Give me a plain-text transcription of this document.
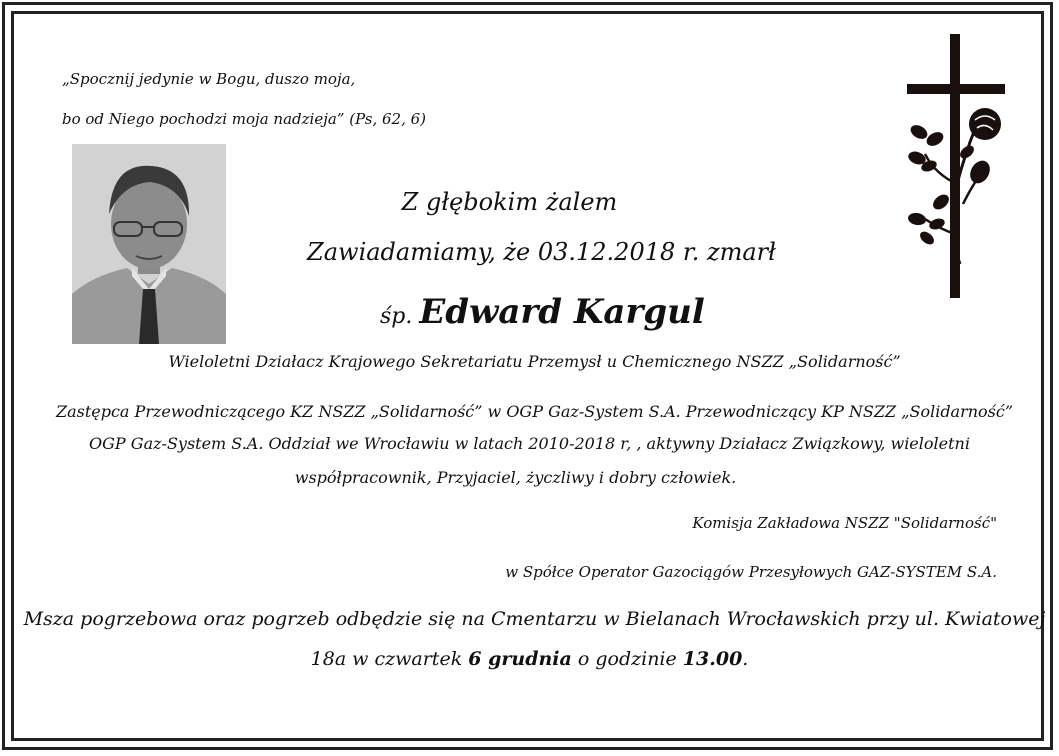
„Spocznij jedynie w Bogu, duszo moja,
bo od Niego pochodzi moja nadzieja” (Ps, 62, 6)
Z głębokim żalem
Zawiadamiamy, że 03.12.2018 r. zmarł
śp. Edward Kargul
Wieloletni Działacz Krajowego Sekretariatu Przemysł u Chemicznego NSZZ „Solidarność”
Zastępca Przewodniczącego KZ NSZZ „Solidarność” w OGP Gaz-System S.A. Przewodniczący KP NSZZ „Solidarność”
OGP Gaz-System S.A. Oddział we Wrocławiu w latach 2010-2018 r, , aktywny Działacz Związkowy, wieloletni
współpracownik, Przyjaciel, życzliwy i dobry człowiek.
Komisja Zakładowa NSZZ "Solidarność"
w Spółce Operator Gazociągów Przesyłowych GAZ-SYSTEM S.A.
Msza pogrzebowa oraz pogrzeb odbędzie się na Cmentarzu w Bielanach Wrocławskich przy ul. Kwiatowej
18a w czwartek 6 grudnia o godzinie 13.00.
